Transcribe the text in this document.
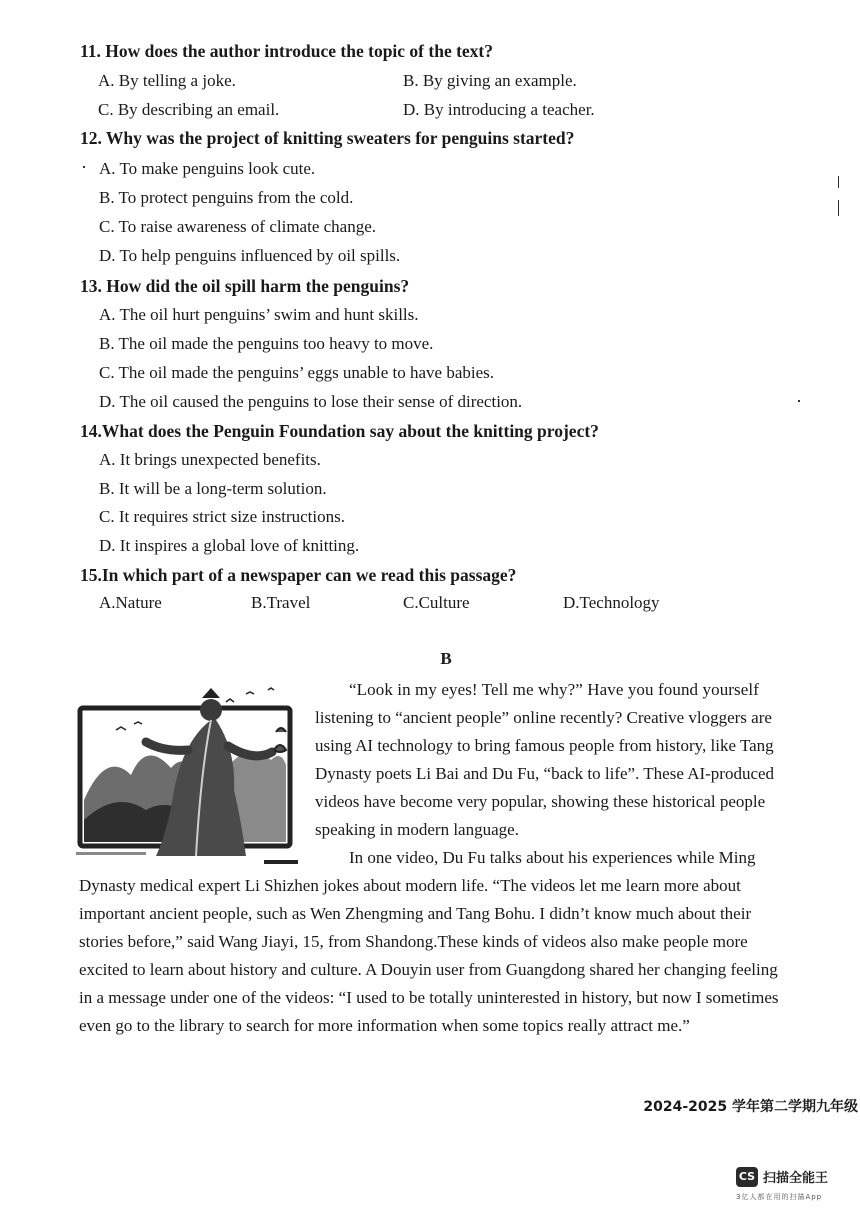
11. How does the author introduce the topic of the text?
A. By telling a joke.	B. By giving an example.
C. By describing an email.	D. By introducing a teacher.
12. Why was the project of knitting sweaters for penguins started?
A. To make penguins look cute.
B. To protect penguins from the cold.
C. To raise awareness of climate change.
D. To help penguins influenced by oil spills.
13. How did the oil spill harm the penguins?
A. The oil hurt penguins’ swim and hunt skills.
B. The oil made the penguins too heavy to move.
C. The oil made the penguins’ eggs unable to have babies.
D. The oil caused the penguins to lose their sense of direction.
14.What does the Penguin Foundation say about the knitting project?
A. It brings unexpected benefits.
B. It will be a long-term solution.
C. It requires strict size instructions.
D. It inspires a global love of knitting.
15.In which part of a newspaper can we read this passage?
A.Nature	B.Travel	C.Culture	D.Technology
B
“Look in my eyes! Tell me why?” Have you found yourself
listening to “ancient people” online recently? Creative vloggers are
using AI technology to bring famous people from history, like Tang
Dynasty poets Li Bai and Du Fu, “back to life”. These AI-produced
videos have become very popular, showing these historical people
speaking in modern language.
In one video, Du Fu talks about his experiences while Ming
Dynasty medical expert Li Shizhen jokes about modern life. “The videos let me learn more about
important ancient people, such as Wen Zhengming and Tang Bohu. I didn’t know much about their
stories before,” said Wang Jiayi, 15, from Shandong.These kinds of videos also make people more
excited to learn about history and culture. A Douyin user from Guangdong shared her changing feeling
in a message under one of the videos: “I used to be totally uninterested in history, but now I sometimes
even go to the library to search for more information when some topics really attract me.”
2024-2025 学年第二学期九年级
CS 扫描全能王
3亿人都在用的扫描App
